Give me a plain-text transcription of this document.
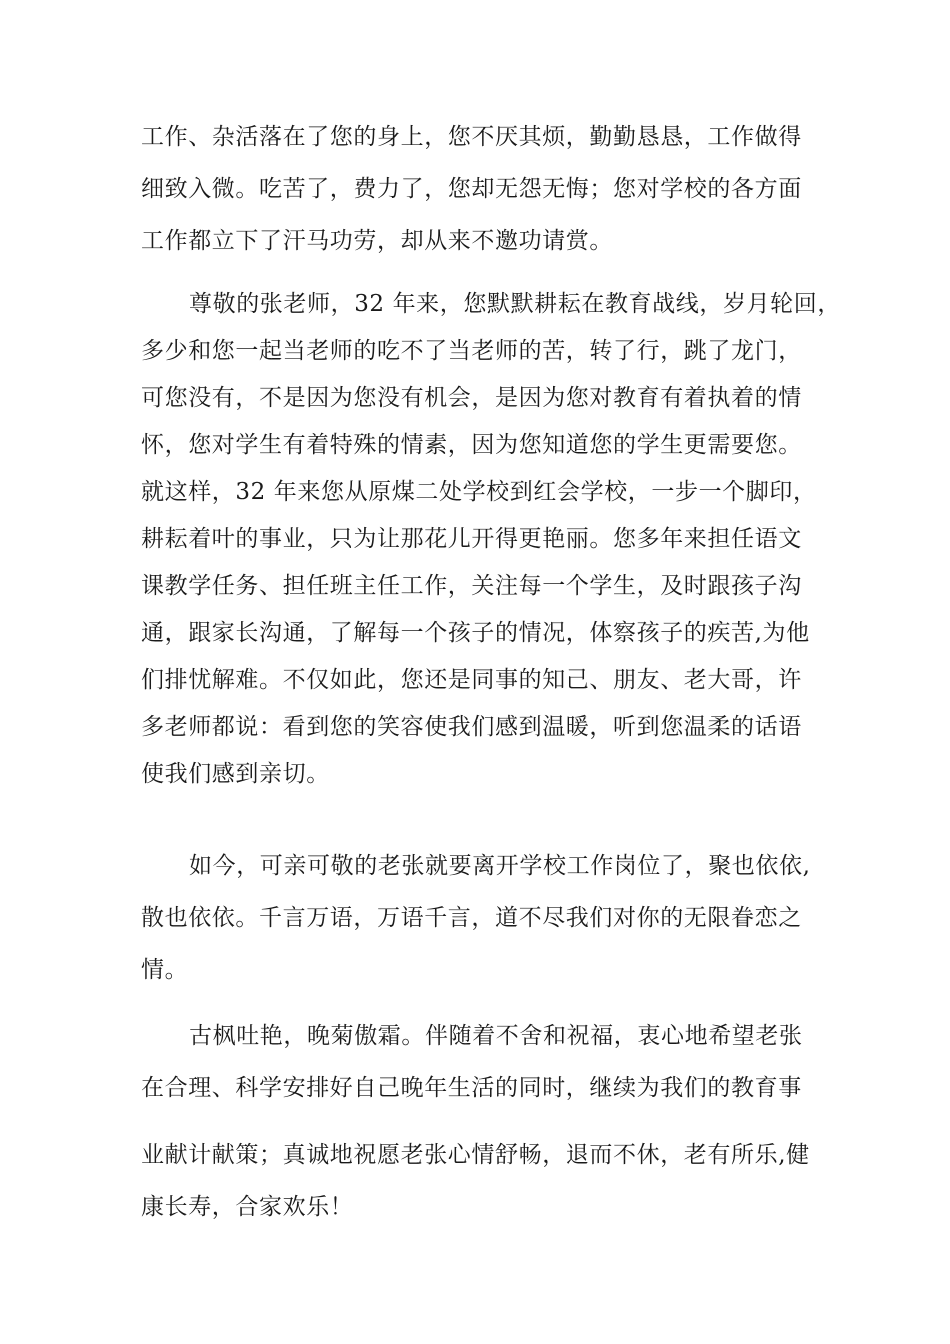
工作、杂活落在了您的身上，您不厌其烦，勤勤恳恳，工作做得
细致入微。吃苦了，费力了，您却无怨无悔；您对学校的各方面
工作都立下了汗马功劳，却从来不邀功请赏。
尊敬的张老师，32 年来，您默默耕耘在教育战线，岁月轮回，
多少和您一起当老师的吃不了当老师的苦，转了行，跳了龙门，
可您没有，不是因为您没有机会，是因为您对教育有着执着的情
怀，您对学生有着特殊的情素，因为您知道您的学生更需要您。
就这样，32 年来您从原煤二处学校到红会学校，一步一个脚印，
耕耘着叶的事业，只为让那花儿开得更艳丽。您多年来担任语文
课教学任务、担任班主任工作，关注每一个学生，及时跟孩子沟
通，跟家长沟通，了解每一个孩子的情况，体察孩子的疾苦,为他
们排忧解难。不仅如此，您还是同事的知己、朋友、老大哥，许
多老师都说：看到您的笑容使我们感到温暖，听到您温柔的话语
使我们感到亲切。
如今，可亲可敬的老张就要离开学校工作岗位了，聚也依依,
散也依依。千言万语，万语千言，道不尽我们对你的无限眷恋之
情。
古枫吐艳，晚菊傲霜。伴随着不舍和祝福，衷心地希望老张
在合理、科学安排好自己晚年生活的同时，继续为我们的教育事
业献计献策；真诚地祝愿老张心情舒畅，退而不休，老有所乐,健
康长寿，合家欢乐！
